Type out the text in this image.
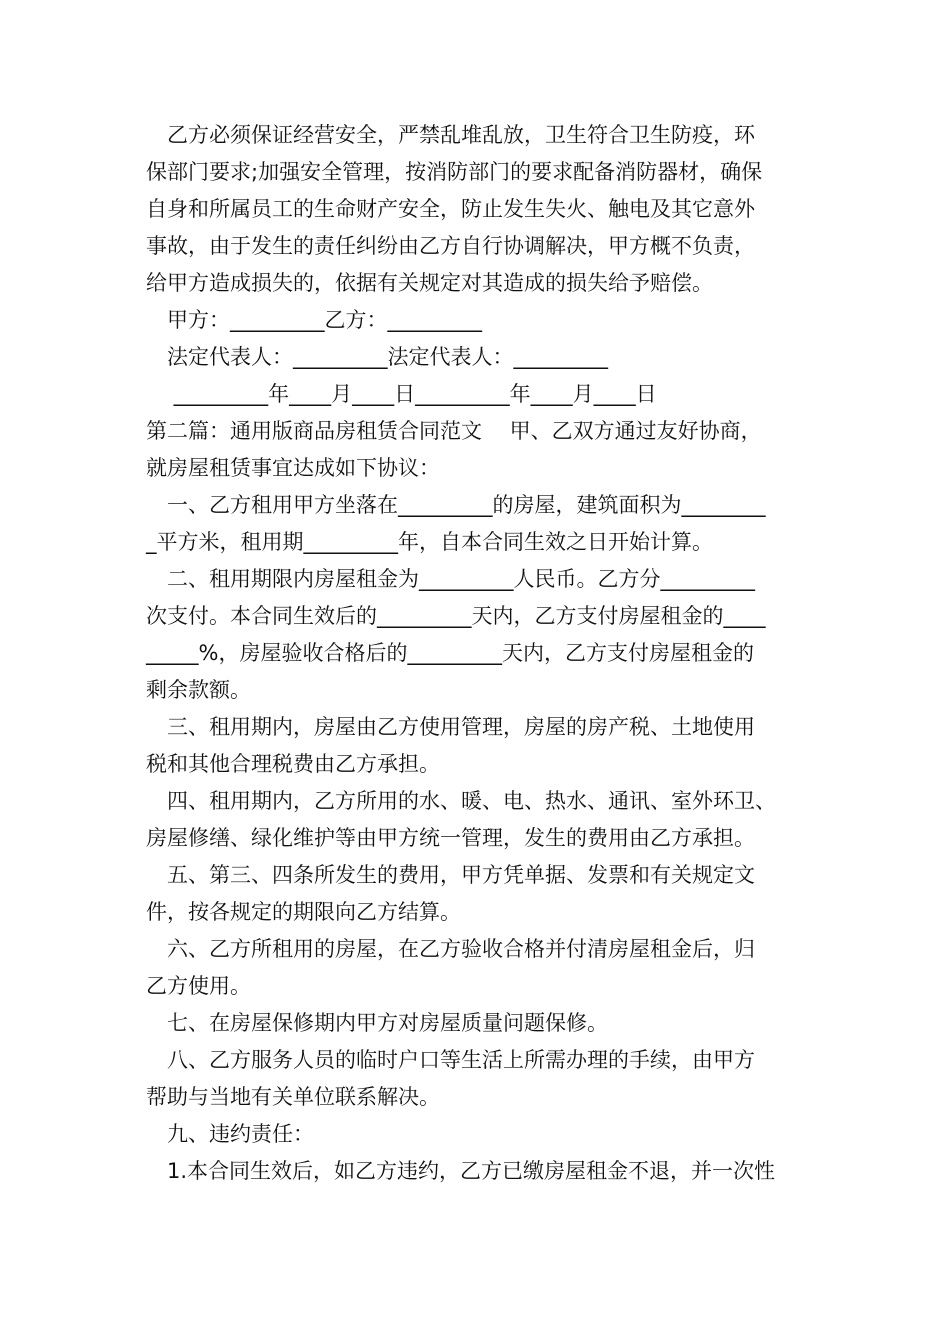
　乙方必须保证经营安全，严禁乱堆乱放，卫生符合卫生防疫，环
保部门要求;加强安全管理，按消防部门的要求配备消防器材，确保
自身和所属员工的生命财产安全，防止发生失火、触电及其它意外
事故，由于发生的责任纠纷由乙方自行协调解决，甲方概不负责，
给甲方造成损失的，依据有关规定对其造成的损失给予赔偿。
　甲方：_________乙方：_________
　法定代表人：_________法定代表人：_________
　 _________年____月____日_________年____月____日
第二篇：通用版商品房租赁合同范文　 甲、乙双方通过友好协商，
就房屋租赁事宜达成如下协议：
　一、乙方租用甲方坐落在_________的房屋，建筑面积为________
_平方米，租用期_________年，自本合同生效之日开始计算。
　二、租用期限内房屋租金为_________人民币。乙方分_________
次支付。本合同生效后的_________天内，乙方支付房屋租金的____
_____%，房屋验收合格后的_________天内，乙方支付房屋租金的
剩余款额。
　三、租用期内，房屋由乙方使用管理，房屋的房产税、土地使用
税和其他合理税费由乙方承担。
　四、租用期内，乙方所用的水、暖、电、热水、通讯、室外环卫、
房屋修缮、绿化维护等由甲方统一管理，发生的费用由乙方承担。
　五、第三、四条所发生的费用，甲方凭单据、发票和有关规定文
件，按各规定的期限向乙方结算。
　六、乙方所租用的房屋，在乙方验收合格并付清房屋租金后，归
乙方使用。
　七、在房屋保修期内甲方对房屋质量问题保修。
　八、乙方服务人员的临时户口等生活上所需办理的手续，由甲方
帮助与当地有关单位联系解决。
　九、违约责任：
　1.本合同生效后，如乙方违约，乙方已缴房屋租金不退，并一次性
